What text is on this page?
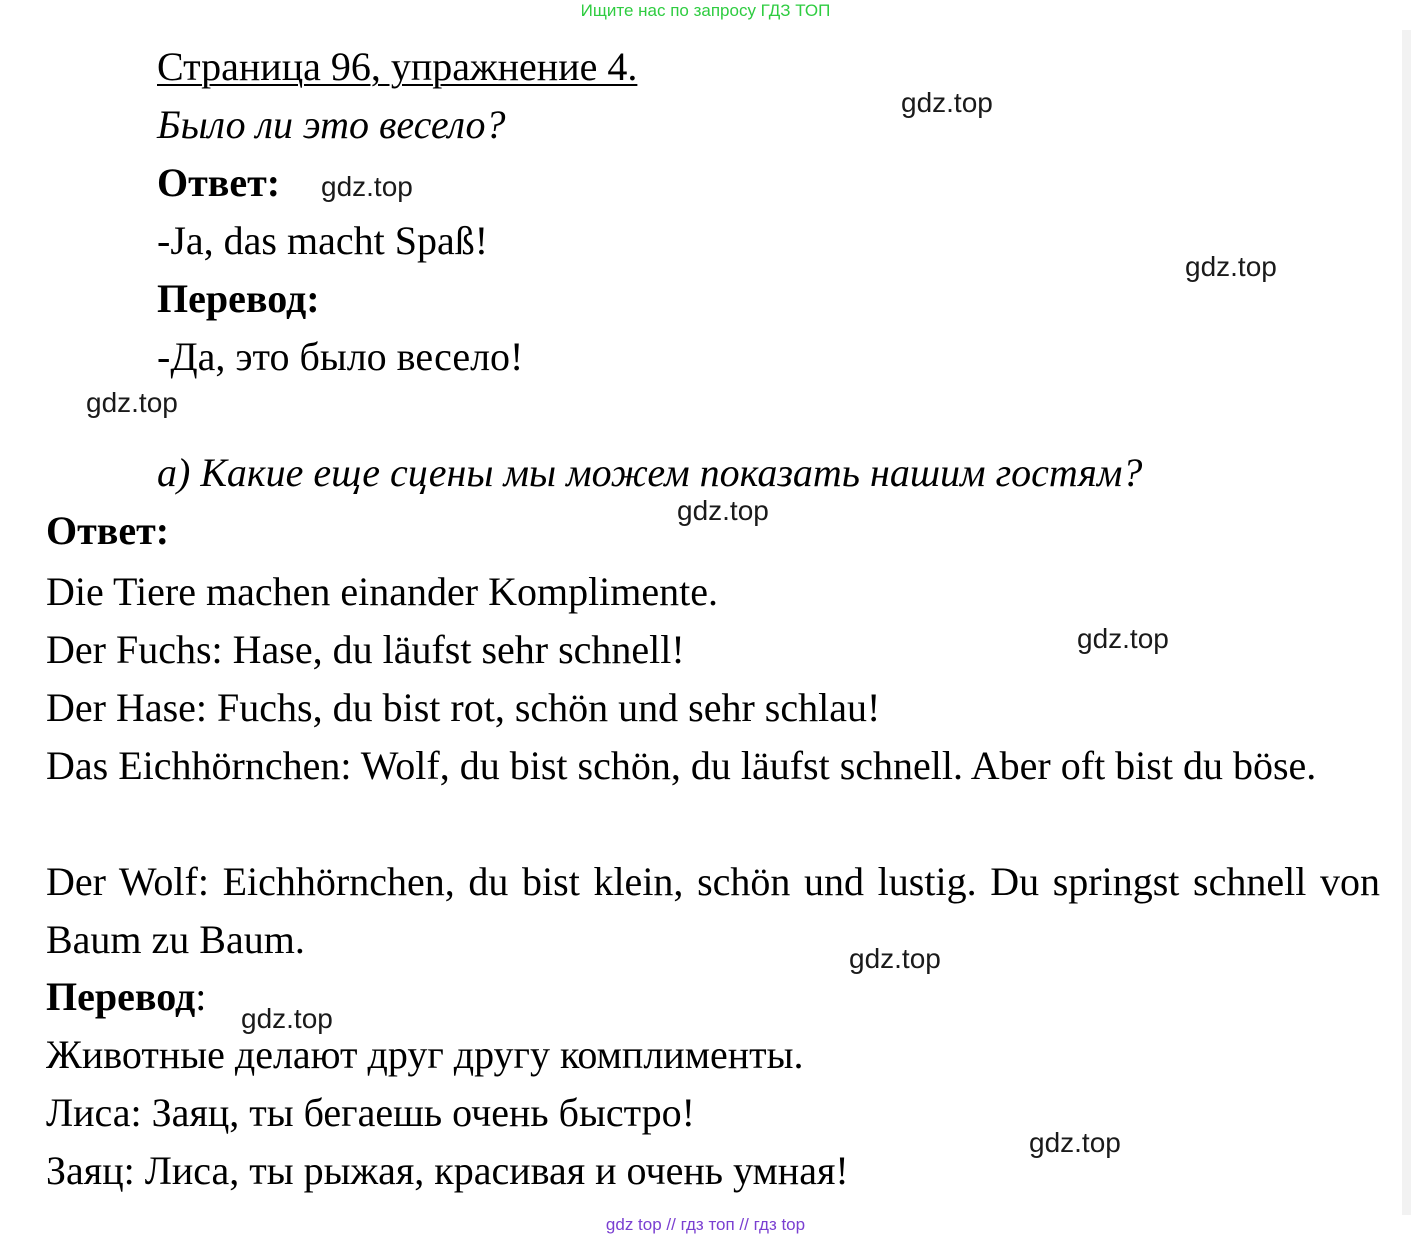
Ищите нас по запросу ГДЗ ТОП
Страница 96, упражнение 4.
Было ли это весело?
Ответ:
-Ja, das macht Spaß!
Перевод:
-Да, это было весело!
а) Какие еще сцены мы можем показать нашим гостям?
Ответ:
Die Tiere machen einander Komplimente.
Der Fuchs: Hase, du läufst sehr schnell!
Der Hase: Fuchs, du bist rot, schön und sehr schlau!
Das Eichhörnchen: Wolf, du bist schön, du läufst schnell. Aber oft bist du böse.
Der Wolf: Eichhörnchen, du bist klein, schön und lustig. Du springst schnell von Baum zu Baum.
Перевод:
Животные делают друг другу комплименты.
Лиса: Заяц, ты бегаешь очень быстро!
Заяц: Лиса, ты рыжая, красивая и очень умная!
gdz.top
gdz.top
gdz.top
gdz.top
gdz.top
gdz.top
gdz.top
gdz.top
gdz.top
gdz top // гдз топ // гдз top
